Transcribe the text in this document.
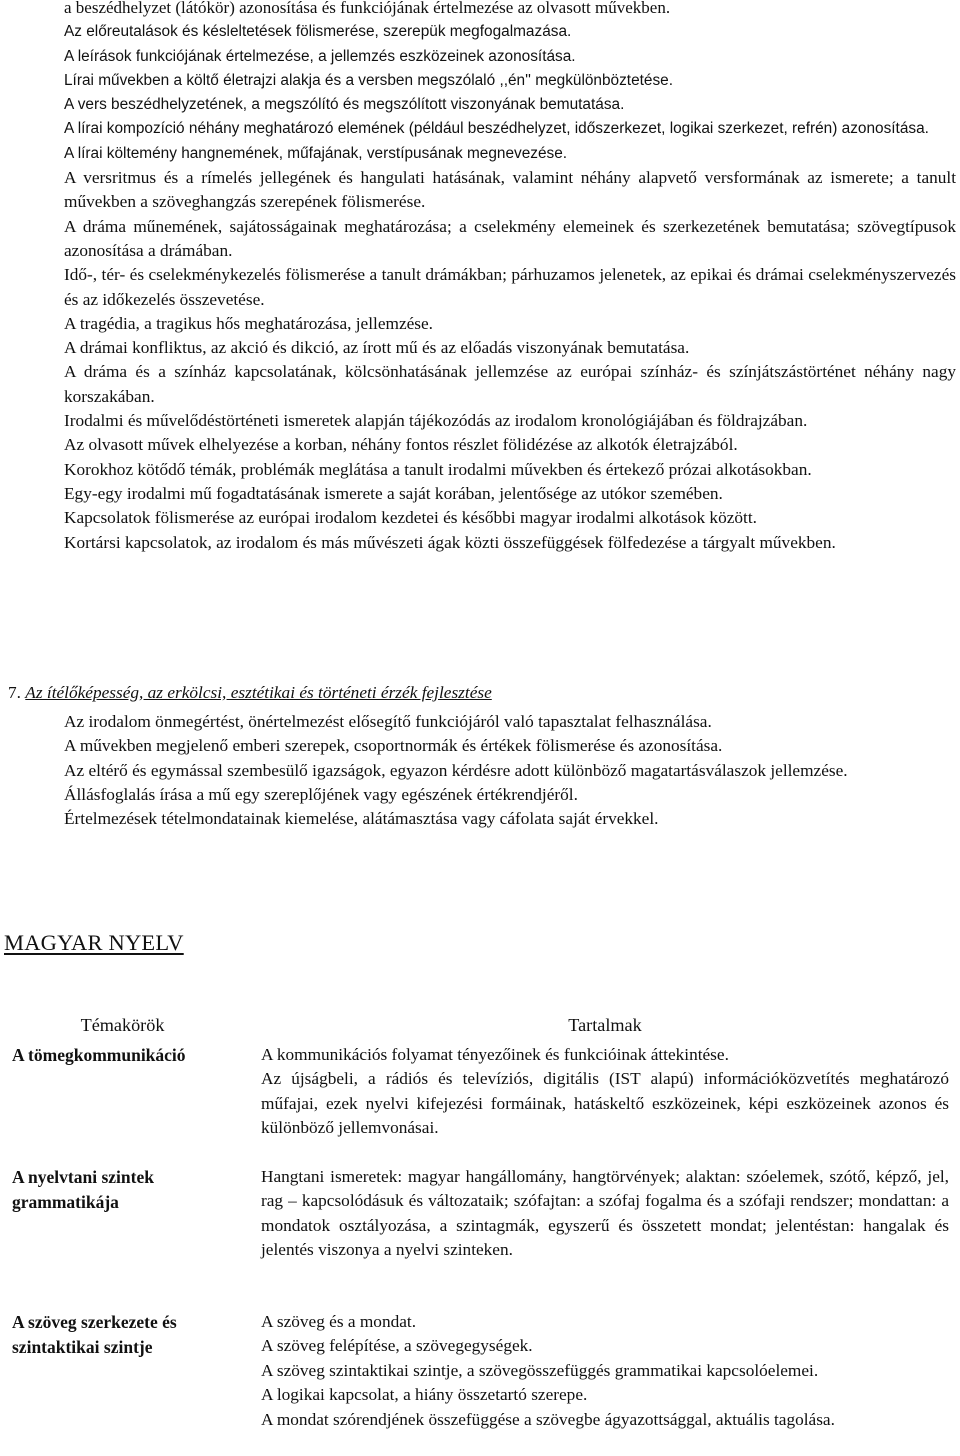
a beszédhelyzet (látókör) azonosítása és funkciójának értelmezése az olvasott művekben.

Az előreutalások és késleltetések fölismerése, szerepük megfogalmazása.

A leírások funkciójának értelmezése, a jellemzés eszközeinek azonosítása.

Lírai művekben a költő életrajzi alakja és a versben megszólaló ,,én'' megkülönböztetése.

A vers beszédhelyzetének, a megszólító és megszólított viszonyának bemutatása.

A lírai kompozíció néhány meghatározó elemének (például beszédhelyzet, időszerkezet, logikai szerkezet, refrén) azonosítása.

A lírai költemény hangnemének, műfajának, verstípusának megnevezése.

A versritmus és a rímelés jellegének és hangulati hatásának, valamint néhány alapvető versformának az ismerete; a tanult művekben a szöveghangzás szerepének fölismerése.

A dráma műnemének, sajátosságainak meghatározása; a cselekmény elemeinek és szerkezetének bemutatása; szövegtípusok azonosítása a drámában.

Idő-, tér- és cselekménykezelés fölismerése a tanult drámákban; párhuzamos jelenetek, az epikai és drámai cselekményszervezés és az időkezelés összevetése.

A tragédia, a tragikus hős meghatározása, jellemzése.

A drámai konfliktus, az akció és dikció, az írott mű és az előadás viszonyának bemutatása.

A dráma és a színház kapcsolatának, kölcsönhatásának jellemzése az európai színház- és színjátszástörténet néhány nagy korszakában.

Irodalmi és művelődéstörténeti ismeretek alapján tájékozódás az irodalom kronológiájában és földrajzában.

Az olvasott művek elhelyezése a korban, néhány fontos részlet fölidézése az alkotók életrajzából.

Korokhoz kötődő témák, problémák meglátása a tanult irodalmi művekben és értekező prózai alkotásokban.

Egy-egy irodalmi mű fogadtatásának ismerete a saját korában, jelentősége az utókor szemében.

Kapcsolatok fölismerése az európai irodalom kezdetei és későbbi magyar irodalmi alkotások között.

Kortársi kapcsolatok, az irodalom és más művészeti ágak közti összefüggések fölfedezése a tárgyalt művekben.

7. Az ítélőképesség, az erkölcsi, esztétikai és történeti érzék fejlesztése

Az irodalom önmegértést, önértelmezést elősegítő funkciójáról való tapasztalat felhasználása.

A művekben megjelenő emberi szerepek, csoportnormák és értékek fölismerése és azonosítása.

Az eltérő és egymással szembesülő igazságok, egyazon kérdésre adott különböző magatartásválaszok jellemzése.

Állásfoglalás írása a mű egy szereplőjének vagy egészének értékrendjéről.

Értelmezések tételmondatainak kiemelése, alátámasztása vagy cáfolata saját érvekkel.

MAGYAR NYELV
Témakörök	Tartalmak
A tömegkommunikáció	A kommunikációs folyamat tényezőinek és funkcióinak áttekintése.

Az újságbeli, a rádiós és televíziós, digitális (IST alapú) információközvetítés meghatározó műfajai, ezek nyelvi kifejezési formáinak, hatáskeltő eszközeinek, képi eszközeinek azonos és különböző jellemvonásai.

A nyelvtani szintek grammatikája

Hangtani ismeretek: magyar hangállomány, hangtörvények; alaktan: szóelemek, szótő, képző, jel, rag – kapcsolódásuk és változataik; szófajtan: a szófaj fogalma és a szófaji rendszer; mondattan: a mondatok osztályozása, a szintagmák, egyszerű és összetett mondat; jelentéstan: hangalak és jelentés viszonya a nyelvi szinteken.

A szöveg szerkezete és szintaktikai szintje

A szöveg és a mondat.

A szöveg felépítése, a szövegegységek.

A szöveg szintaktikai szintje, a szövegösszefüggés grammatikai kapcsolóelemei.

A logikai kapcsolat, a hiány összetartó szerepe.

A mondat szórendjének összefüggése a szövegbe ágyazottsággal, aktuális tagolása.
